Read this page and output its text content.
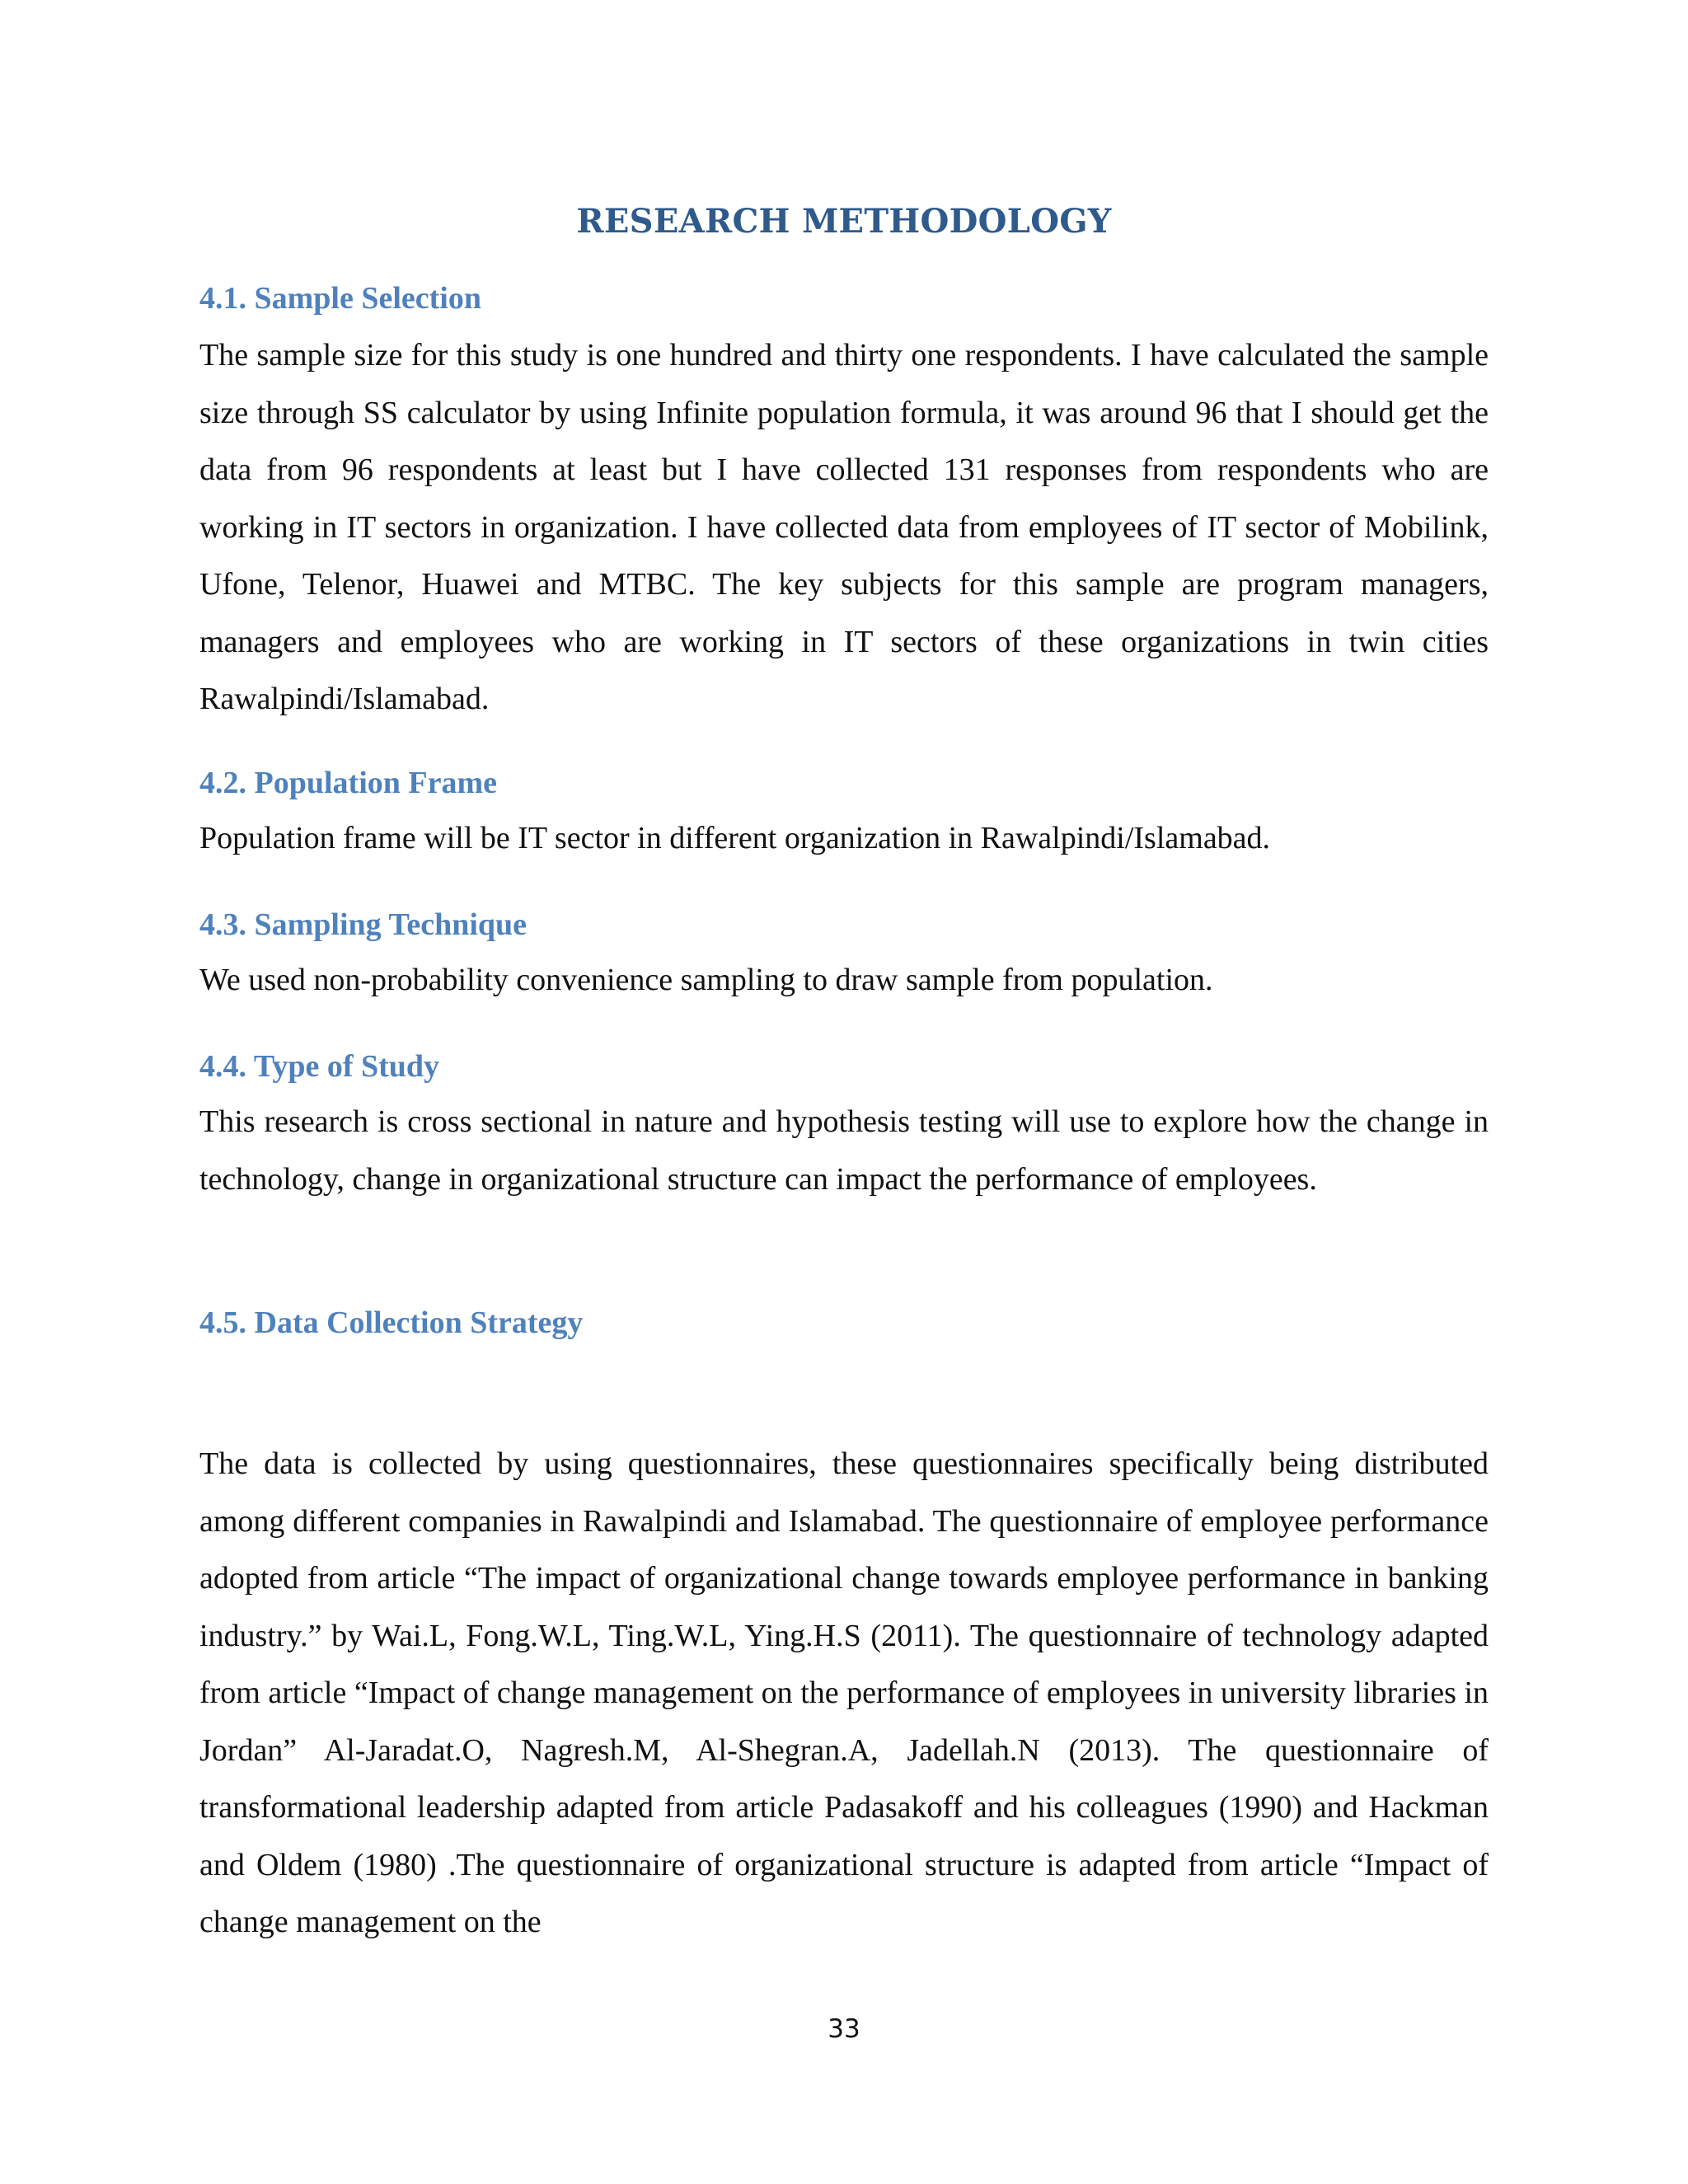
RESEARCH METHODOLOGY
4.1. Sample Selection

The sample size for this study is one hundred and thirty one respondents. I have calculated the sample size through SS calculator by using Infinite population formula, it was around 96 that I should get the data from 96 respondents at least but I have collected 131 responses from respondents who are working in IT sectors in organization. I have collected data from employees of IT sector of Mobilink, Ufone, Telenor, Huawei and MTBC. The key subjects for this sample are program managers, managers and employees who are working in IT sectors of these organizations in twin cities Rawalpindi/Islamabad.

4.2. Population Frame

Population frame will be IT sector in different organization in Rawalpindi/Islamabad.

4.3. Sampling Technique

We used non-probability convenience sampling to draw sample from population.

4.4. Type of Study

This research is cross sectional in nature and hypothesis testing will use to explore how the change in technology, change in organizational structure can impact the performance of employees.

4.5. Data Collection Strategy

The data is collected by using questionnaires, these questionnaires specifically being distributed among different companies in Rawalpindi and Islamabad. The questionnaire of employee performance adopted from article “The impact of organizational change towards employee performance in banking industry.” by Wai.L, Fong.W.L, Ting.W.L, Ying.H.S (2011). The questionnaire of technology adapted from article “Impact of change management on the performance of employees in university libraries in Jordan” Al-Jaradat.O, Nagresh.M, Al-Shegran.A, Jadellah.N (2013). The questionnaire of transformational leadership adapted from article Padasakoff and his colleagues (1990) and Hackman and Oldem (1980) .The questionnaire of organizational structure is adapted from article “Impact of change management on the

33
